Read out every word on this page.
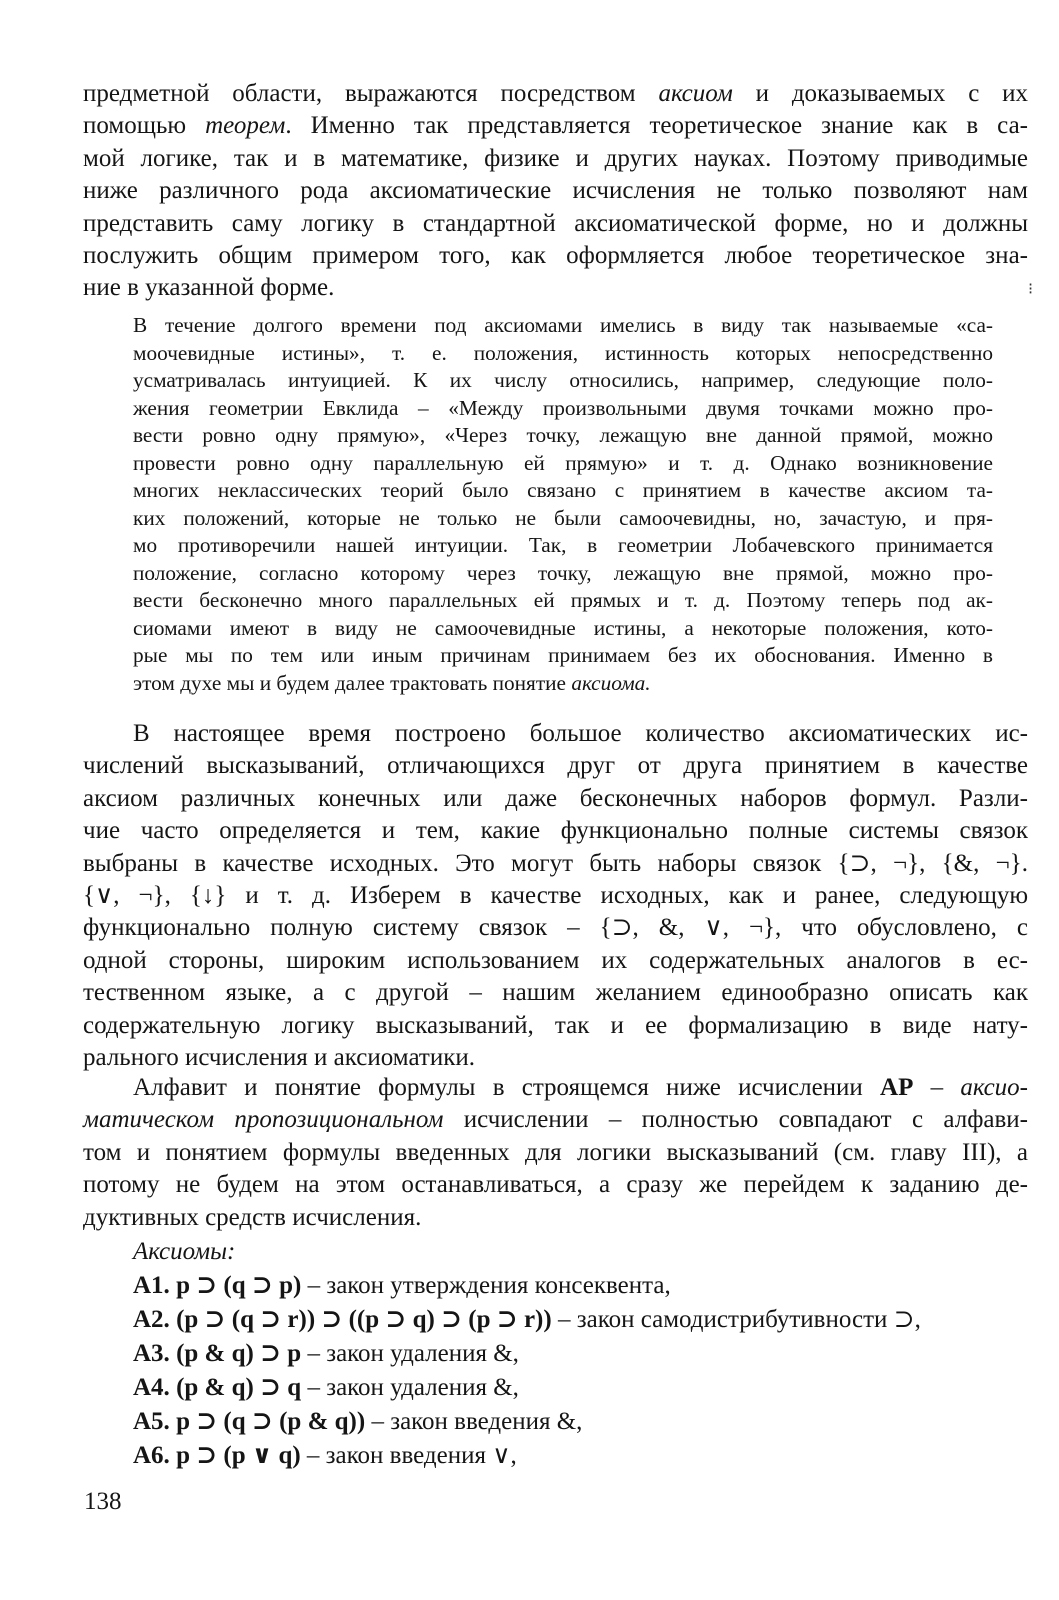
предметной области, выражаются посредством аксиом и доказываемых с их
помощью теорем. Именно так представляется теоретическое знание как в са-
мой логике, так и в математике, физике и других науках. Поэтому приводимые
ниже различного рода аксиоматические исчисления не только позволяют нам
представить саму логику в стандартной аксиоматической форме, но и должны
послужить общим примером того, как оформляется любое теоретическое зна-
ние в указанной форме.
В течение долгого времени под аксиомами имелись в виду так называемые «са-
моочевидные истины», т. е. положения, истинность которых непосредственно
усматривалась интуицией. К их числу относились, например, следующие поло-
жения геометрии Евклида – «Между произвольными двумя точками можно про-
вести ровно одну прямую», «Через точку, лежащую вне данной прямой, можно
провести ровно одну параллельную ей прямую» и т. д. Однако возникновение
многих неклассических теорий было связано с принятием в качестве аксиом та-
ких положений, которые не только не были самоочевидны, но, зачастую, и пря-
мо противоречили нашей интуиции. Так, в геометрии Лобачевского принимается
положение, согласно которому через точку, лежащую вне прямой, можно про-
вести бесконечно много параллельных ей прямых и т. д. Поэтому теперь под ак-
сиомами имеют в виду не самоочевидные истины, а некоторые положения, кото-
рые мы по тем или иным причинам принимаем без их обоснования. Именно в
этом духе мы и будем далее трактовать понятие аксиома.
В настоящее время построено большое количество аксиоматических ис-
числений высказываний, отличающихся друг от друга принятием в качестве
аксиом различных конечных или даже бесконечных наборов формул. Разли-
чие часто определяется и тем, какие функционально полные системы связок
выбраны в качестве исходных. Это могут быть наборы связок {⊃, ¬}, {&, ¬}.
{∨, ¬}, {↓} и т. д. Изберем в качестве исходных, как и ранее, следующую
функционально полную систему связок – {⊃, &, ∨, ¬}, что обусловлено, с
одной стороны, широким использованием их содержательных аналогов в ес-
тественном языке, а с другой – нашим желанием единообразно описать как
содержательную логику высказываний, так и ее формализацию в виде нату-
рального исчисления и аксиоматики.
Алфавит и понятие формулы в строящемся ниже исчислении АР – аксио-
матическом пропозициональном исчислении – полностью совпадают с алфави-
том и понятием формулы введенных для логики высказываний (см. главу III), а
потому не будем на этом останавливаться, а сразу же перейдем к заданию де-
дуктивных средств исчисления.
Аксиомы:
А1. p ⊃ (q ⊃ p) – закон утверждения консеквента,
А2. (p ⊃ (q ⊃ r)) ⊃ ((p ⊃ q) ⊃ (p ⊃ r)) – закон самодистрибутивности ⊃,
А3. (p & q) ⊃ p – закон удаления &,
А4. (p & q) ⊃ q – закон удаления &,
А5. p ⊃ (q ⊃ (p & q)) – закон введения &,
А6. p ⊃ (p ∨ q) – закон введения ∨,
138
⁝
